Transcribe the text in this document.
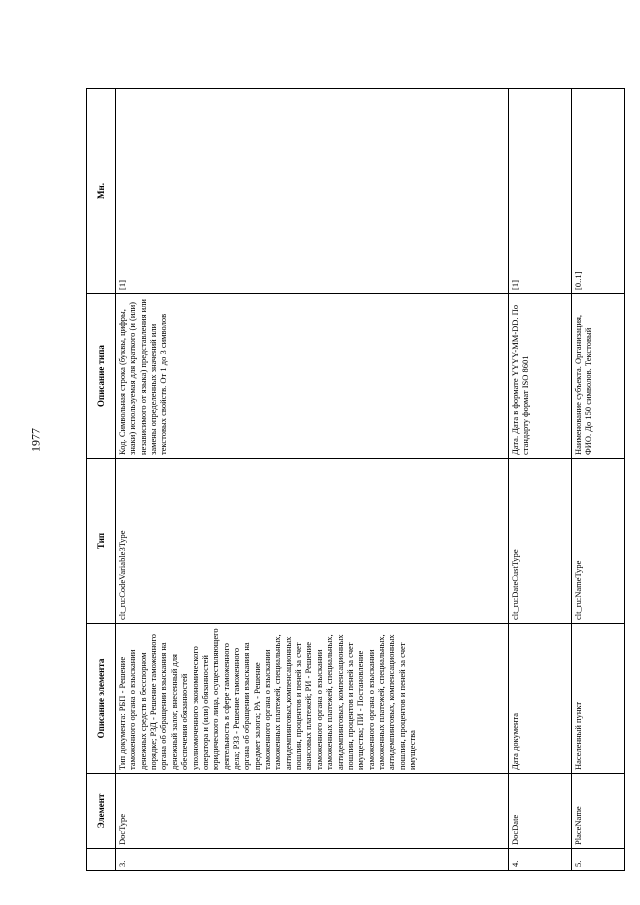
1977
	Элемент	Описание элемента	Тип	Описание типа	Мн.
3.	DocType	Тип документа: РБП - Решение таможенного органа о взыскании денежных средств в бесспорном порядке; РЗД - Решение таможенного органа об обращении взыскания на денежный залог, внесенный для обеспечения обязанностей уполномоченного экономического оператора и (или) обязанностей юридического лица, осуществляющего деятельность в сфере таможенного дела; РЗЗ - Решение таможенного органа об обращении взыскания на предмет залога; РА - Решение таможенного органа о взыскании таможенных платежей, специальных, антидемпинговых,компенсационных пошлин, процентов и пеней за счет авансовых платежей; РИ - Решение таможенного органа о взыскании таможенных платежей, специальных, антидемпинговых, компенсационных пошлин, процентов и пеней за счет имущества; ПИ - Постановление таможенного органа о взыскании таможенных платежей, специальных, антидемпинговых, компенсационных пошлин, процентов и пеней за счет имущества	clt_ru:CodeVariable3Type	Код. Символьная строка (буквы, цифры, знаки) используемая для краткого (и (или) независимого от языка) представления или замены определенных значений или текстовых свойств. От 1 до 3 символов	[1]
4.	DocDate	Дата документа	clt_ru:DateCustType	Дата. Дата в формате YYYY-MM-DD. По стандарту формат ISO 8601	[1]
5.	PlaceName	Населенный пункт	clt_ru:NameType	Наименование субъекта. Организация, ФИО. До 150 символов. Текстовый	[0..1]
